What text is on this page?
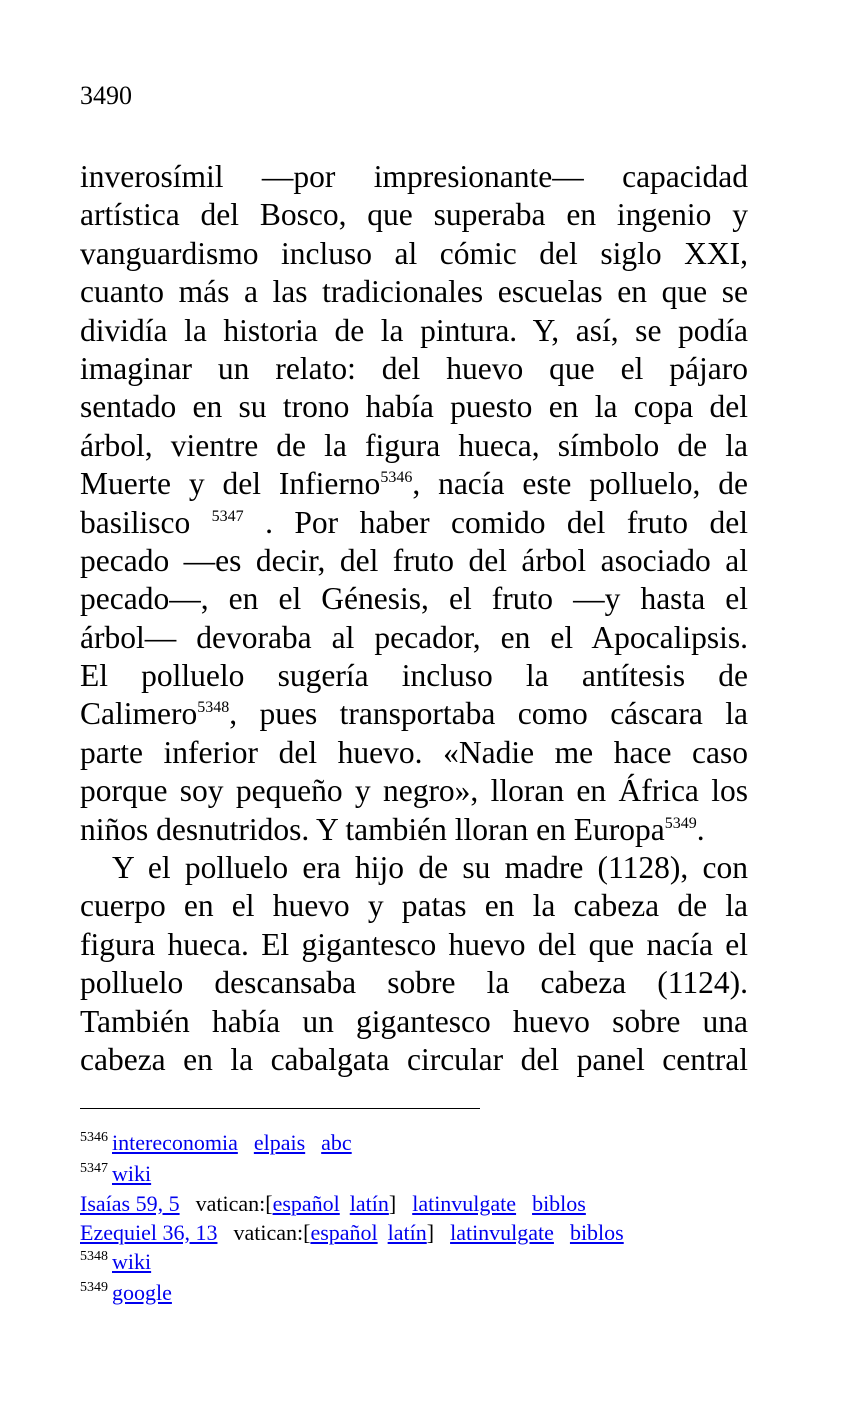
3490
inverosímil —por impresionante— capacidad
artística del Bosco, que superaba en ingenio y
vanguardismo incluso al cómic del siglo XXI,
cuanto más a las tradicionales escuelas en que se
dividía la historia de la pintura. Y, así, se podía
imaginar un relato: del huevo que el pájaro
sentado en su trono había puesto en la copa del
árbol, vientre de la figura hueca, símbolo de la
Muerte y del Infierno$^{5346}$, nacía este polluelo, de
basilisco $^{5347}$ . Por haber comido del fruto del
pecado —es decir, del fruto del árbol asociado al
pecado—, en el Génesis, el fruto —y hasta el
árbol— devoraba al pecador, en el Apocalipsis.
El polluelo sugería incluso la antítesis de
Calimero$^{5348}$, pues transportaba como cáscara la
parte inferior del huevo. «Nadie me hace caso
porque soy pequeño y negro», lloran en África los
niños desnutridos. Y también lloran en Europa$^{5349}$.
Y el polluelo era hijo de su madre (1128), con
cuerpo en el huevo y patas en la cabeza de la
figura hueca. El gigantesco huevo del que nacía el
polluelo descansaba sobre la cabeza (1124).
También había un gigantesco huevo sobre una
cabeza en la cabalgata circular del panel central
$^{5346}$ intereconomia elpais abc
$^{5347}$ wiki
Isaías 59, 5 vatican:[español latín] latinvulgate biblos
Ezequiel 36, 13 vatican:[español latín] latinvulgate biblos
$^{5348}$ wiki
$^{5349}$ google
